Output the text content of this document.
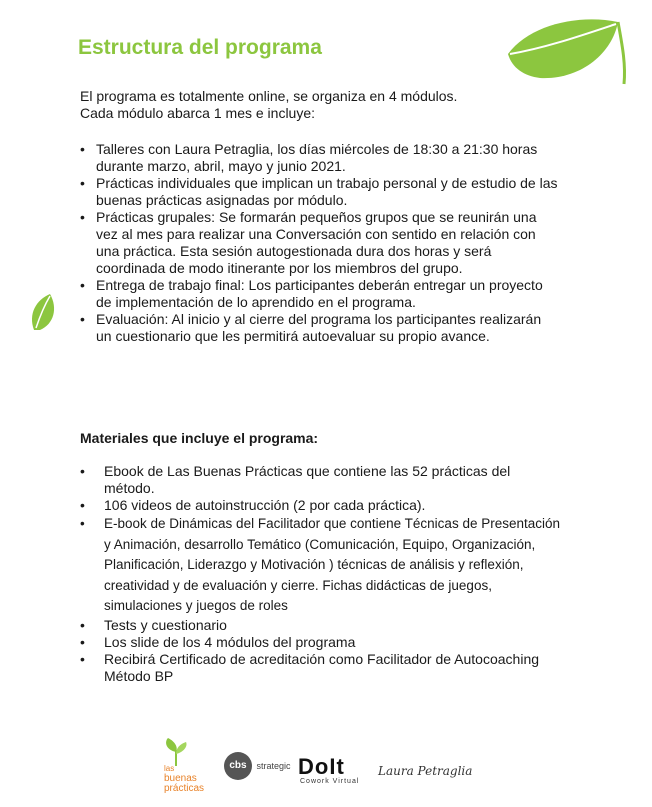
Estructura del programa
El programa es totalmente online, se organiza en 4 módulos.
Cada módulo abarca 1 mes e incluye:
• Talleres con Laura Petraglia, los días miércoles de 18:30 a 21:30 horas durante marzo, abril, mayo y junio 2021.
• Prácticas individuales que implican un trabajo personal y de estudio de las buenas prácticas asignadas por módulo.
• Prácticas grupales: Se formarán pequeños grupos que se reunirán una vez al mes para realizar una Conversación con sentido en relación con una práctica. Esta sesión autogestionada dura dos horas y será coordinada de modo itinerante por los miembros del grupo.
• Entrega de trabajo final: Los participantes deberán entregar un proyecto de implementación de lo aprendido en el programa.
• Evaluación: Al inicio y al cierre del programa los participantes realizarán un cuestionario que les permitirá autoevaluar su propio avance.
Materiales que incluye el programa:
• Ebook de Las Buenas Prácticas que contiene las 52 prácticas del método.
• 106 videos de autoinstrucción (2 por cada práctica).
• E-book de Dinámicas del Facilitador que contiene Técnicas de Presentación y Animación, desarrollo Temático (Comunicación, Equipo, Organización, Planificación, Liderazgo y Motivación ) técnicas de análisis y reflexión, creatividad y de evaluación y cierre. Fichas didácticas de juegos, simulaciones y juegos de roles
• Tests y cuestionario
• Los slide de los 4 módulos del programa
• Recibirá Certificado de acreditación como Facilitador de Autocoaching Método BP
las
buenas
prácticas
cbs strategic DoIt
Cowork Virtual
Laura Petraglia
